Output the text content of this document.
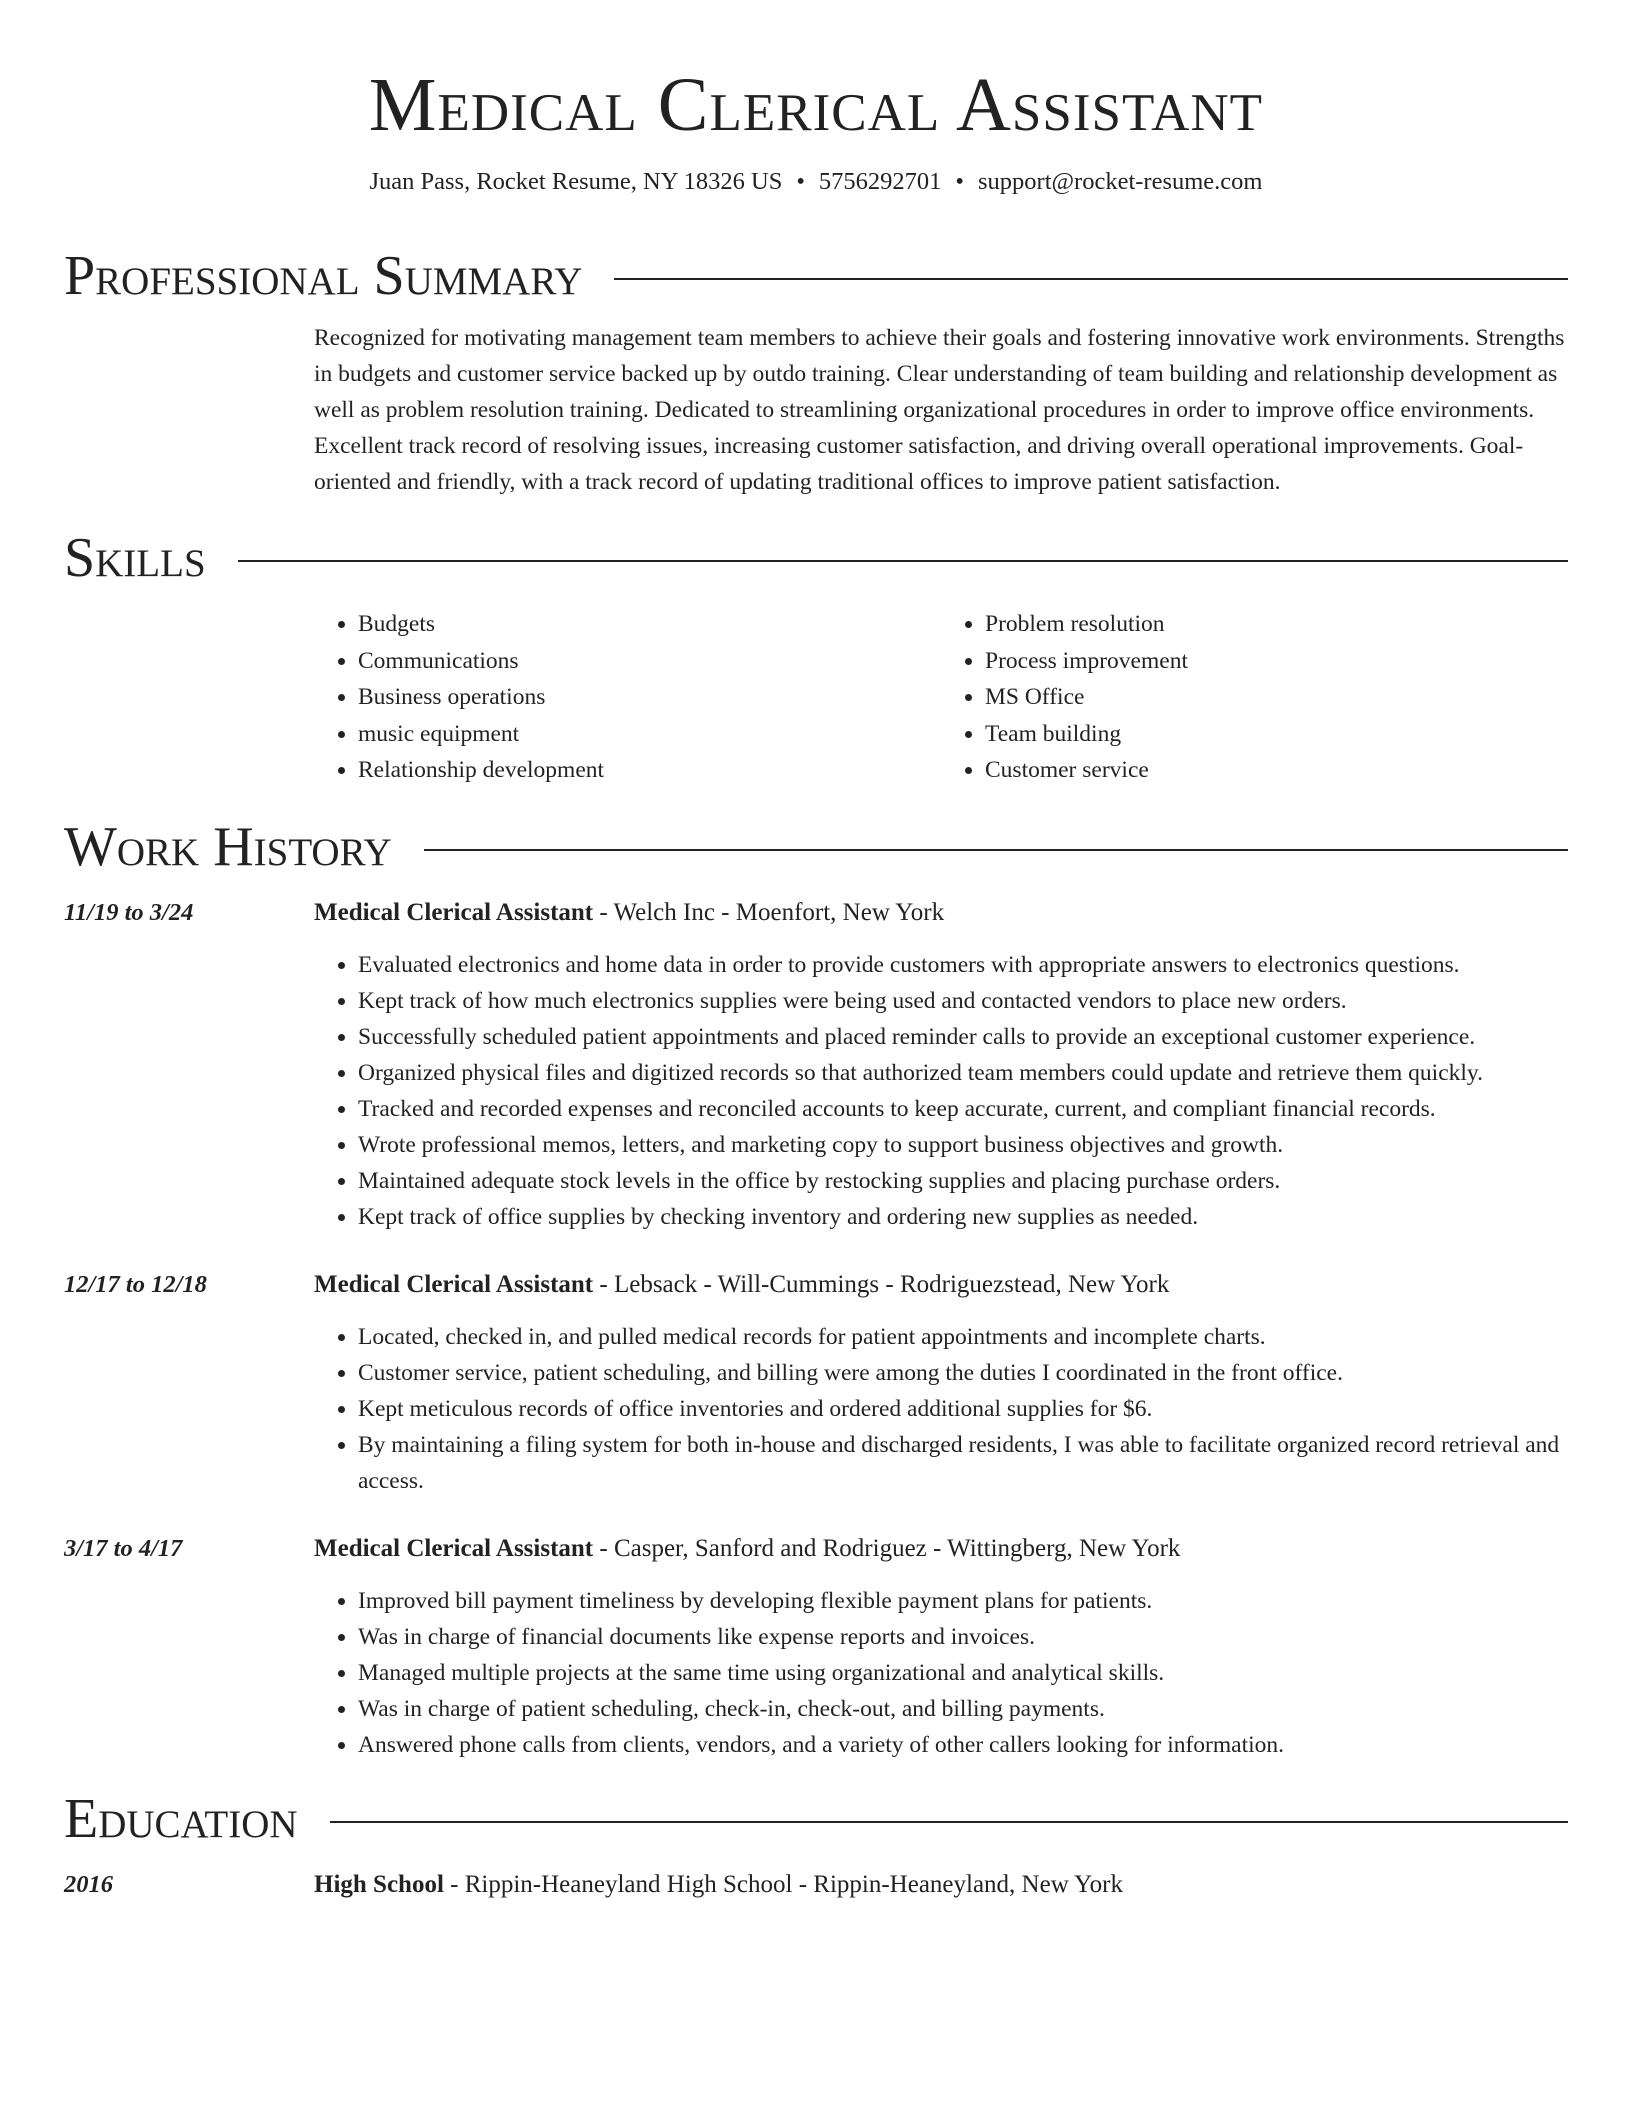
Medical Clerical Assistant
Juan Pass, Rocket Resume, NY 18326 US • 5756292701 • support@rocket-resume.com
Professional Summary

Recognized for motivating management team members to achieve their goals and fostering innovative work environments. Strengths in budgets and customer service backed up by outdo training. Clear understanding of team building and relationship development as well as problem resolution training. Dedicated to streamlining organizational procedures in order to improve office environments. Excellent track record of resolving issues, increasing customer satisfaction, and driving overall operational improvements. Goal-oriented and friendly, with a track record of updating traditional offices to improve patient satisfaction.

Skills
• Budgets
• Communications
• Business operations
• music equipment
• Relationship development
• Problem resolution
• Process improvement
• MS Office
• Team building
• Customer service
Work History
11/19 to 3/24	Medical Clerical Assistant - Welch Inc - Moenfort, New York
• Evaluated electronics and home data in order to provide customers with appropriate answers to electronics questions.
• Kept track of how much electronics supplies were being used and contacted vendors to place new orders.
• Successfully scheduled patient appointments and placed reminder calls to provide an exceptional customer experience.
• Organized physical files and digitized records so that authorized team members could update and retrieve them quickly.
• Tracked and recorded expenses and reconciled accounts to keep accurate, current, and compliant financial records.
• Wrote professional memos, letters, and marketing copy to support business objectives and growth.
• Maintained adequate stock levels in the office by restocking supplies and placing purchase orders.
• Kept track of office supplies by checking inventory and ordering new supplies as needed.
12/17 to 12/18	Medical Clerical Assistant - Lebsack - Will-Cummings - Rodriguezstead, New York
• Located, checked in, and pulled medical records for patient appointments and incomplete charts.
• Customer service, patient scheduling, and billing were among the duties I coordinated in the front office.
• Kept meticulous records of office inventories and ordered additional supplies for $6.
• By maintaining a filing system for both in-house and discharged residents, I was able to facilitate organized record retrieval and access.
3/17 to 4/17	Medical Clerical Assistant - Casper, Sanford and Rodriguez - Wittingberg, New York
• Improved bill payment timeliness by developing flexible payment plans for patients.
• Was in charge of financial documents like expense reports and invoices.
• Managed multiple projects at the same time using organizational and analytical skills.
• Was in charge of patient scheduling, check-in, check-out, and billing payments.
• Answered phone calls from clients, vendors, and a variety of other callers looking for information.
Education
2016	High School - Rippin-Heaneyland High School - Rippin-Heaneyland, New York
